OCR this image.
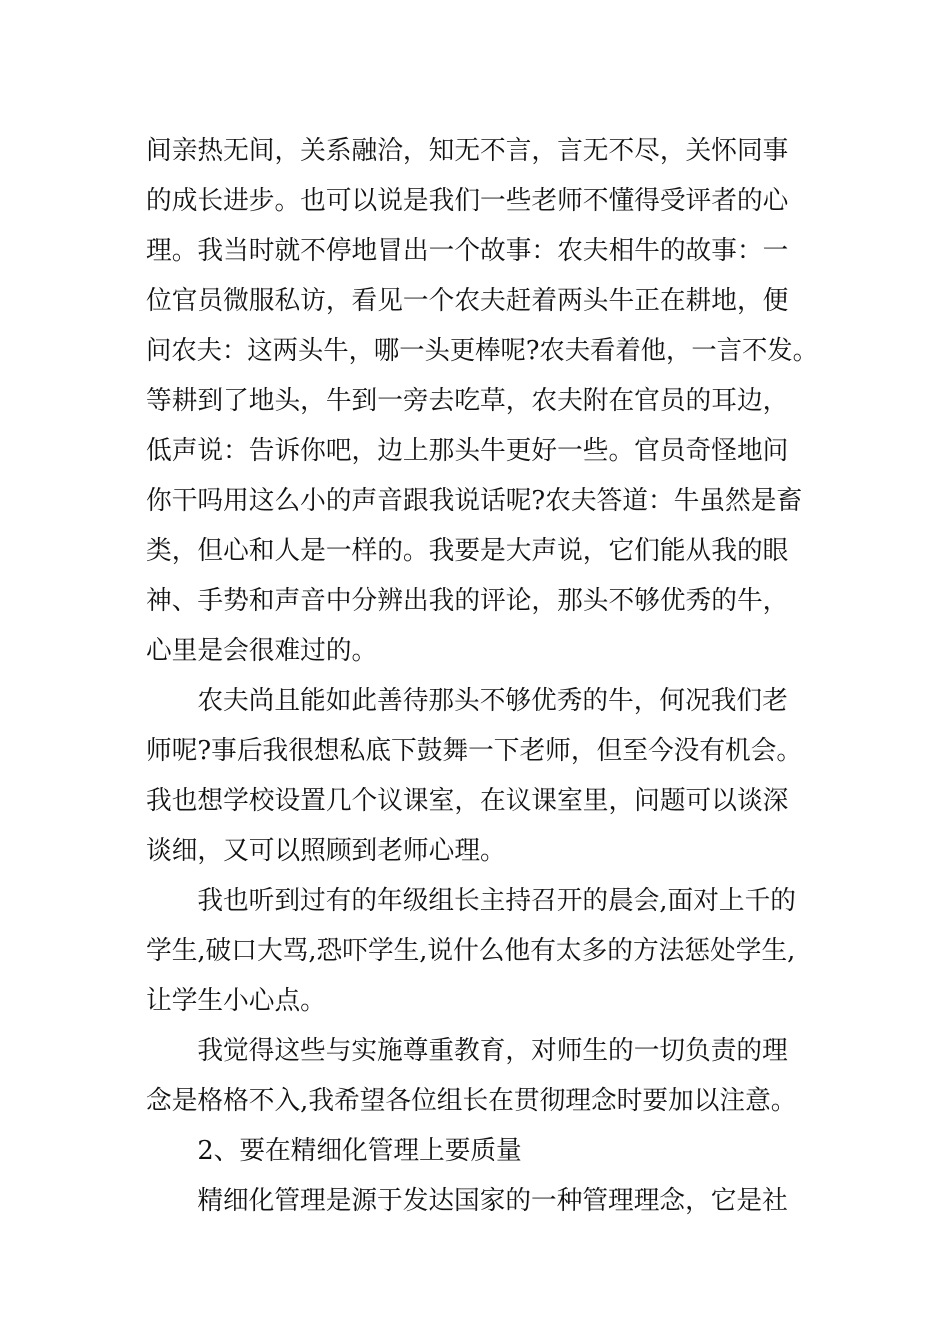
间亲热无间，关系融洽，知无不言，言无不尽，关怀同事
的成长进步。也可以说是我们一些老师不懂得受评者的心
理。我当时就不停地冒出一个故事：农夫相牛的故事：一
位官员微服私访，看见一个农夫赶着两头牛正在耕地，便
问农夫：这两头牛，哪一头更棒呢?农夫看着他，一言不发。
等耕到了地头，牛到一旁去吃草，农夫附在官员的耳边，
低声说：告诉你吧，边上那头牛更好一些。官员奇怪地问
你干吗用这么小的声音跟我说话呢?农夫答道：牛虽然是畜
类，但心和人是一样的。我要是大声说，它们能从我的眼
神、手势和声音中分辨出我的评论，那头不够优秀的牛，
心里是会很难过的。
农夫尚且能如此善待那头不够优秀的牛，何况我们老
师呢?事后我很想私底下鼓舞一下老师，但至今没有机会。
我也想学校设置几个议课室，在议课室里，问题可以谈深
谈细，又可以照顾到老师心理。
我也听到过有的年级组长主持召开的晨会,面对上千的
学生,破口大骂,恐吓学生,说什么他有太多的方法惩处学生,
让学生小心点。
我觉得这些与实施尊重教育，对师生的一切负责的理
念是格格不入,我希望各位组长在贯彻理念时要加以注意。
2、要在精细化管理上要质量
精细化管理是源于发达国家的一种管理理念，它是社
